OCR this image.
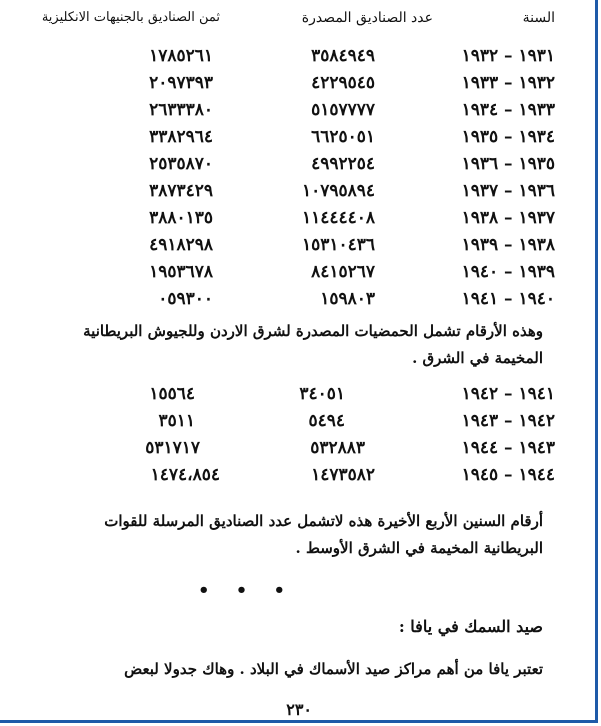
السنة
عدد الصناديق المصدرة
ثمن الصناديق بالجنيهات الانكليزية
١٩٣١ – ١٩٣٢
٣٥٨٤٩٤٩
١٧٨٥٢٦١
١٩٣٢ – ١٩٣٣
٤٢٢٩٥٤٥
٢٠٩٧٣٩٣
١٩٣٣ – ١٩٣٤
٥١٥٧٧٧٧
٢٦٣٣٣٨٠
١٩٣٤ – ١٩٣٥
٦٦٢٥٠٥١
٣٣٨٢٩٦٤
١٩٣٥ – ١٩٣٦
٤٩٩٢٢٥٤
٢٥٣٥٨٧٠
١٩٣٦ – ١٩٣٧
١٠٧٩٥٨٩٤
٣٨٧٣٤٢٩
١٩٣٧ – ١٩٣٨
١١٤٤٤٤٠٨
٣٨٨٠١٣٥
١٩٣٨ – ١٩٣٩
١٥٣١٠٤٣٦
٤٩١٨٢٩٨
١٩٣٩ – ١٩٤٠
٨٤١٥٢٦٧
١٩٥٣٦٧٨
١٩٤٠ – ١٩٤١
١٥٩٨٠٣
٠٥٩٣٠٠
وهذه الأرقام تشمل الحمضيات المصدرة لشرق الاردن وللجيوش البريطانية المخيمة في الشرق .
١٩٤١ – ١٩٤٢
٣٤٠٥١
١٥٥٦٤
١٩٤٢ – ١٩٤٣
٥٤٩٤
٣٥١١
١٩٤٣ – ١٩٤٤
٥٣٢٨٨٣
٥٣١٧١٧
١٩٤٤ – ١٩٤٥
١٤٧٣٥٨٢
١٤٧٤،٨٥٤
أرقام السنين الأربع الأخيرة هذه لاتشمل عدد الصناديق المرسلة للقوات البريطانية المخيمة في الشرق الأوسط .
• • •
صيد السمك في يافا :
تعتبر يافا من أهم مراكز صيد الأسماك في البلاد . وهاك جدولا لبعض
٢٣٠
